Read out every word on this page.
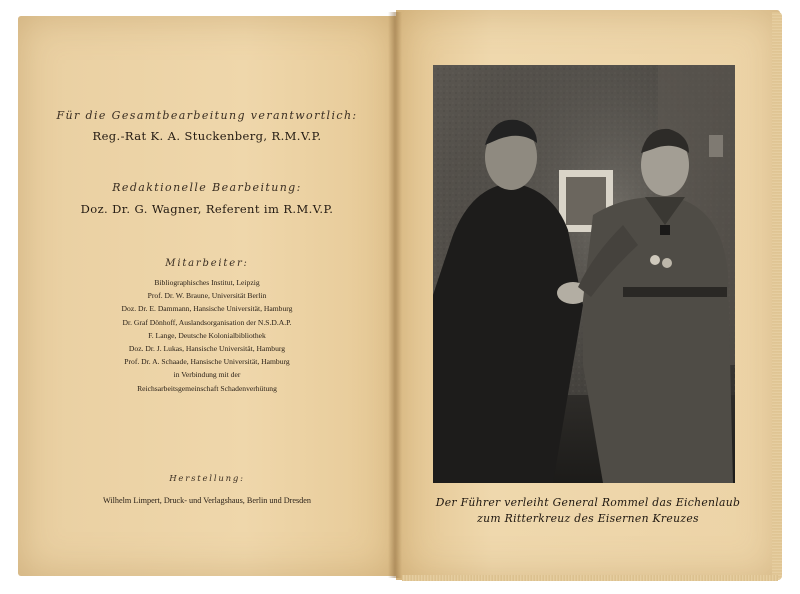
Für die Gesamtbearbeitung verantwortlich:
Reg.-Rat K. A. Stuckenberg, R.M.V.P.
Redaktionelle Bearbeitung:
Doz. Dr. G. Wagner, Referent im R.M.V.P.
Mitarbeiter:
Bibliographisches Institut, Leipzig
Prof. Dr. W. Braune, Universität Berlin
Doz. Dr. E. Dammann, Hansische Universität, Hamburg
Dr. Graf Dönhoff, Auslandsorganisation der N.S.D.A.P.
F. Lange, Deutsche Kolonialbibliothek
Doz. Dr. J. Lukas, Hansische Universität, Hamburg
Prof. Dr. A. Schaade, Hansische Universität, Hamburg
in Verbindung mit der
Reichsarbeitsgemeinschaft Schadenverhütung
Herstellung:
Wilhelm Limpert, Druck- und Verlagshaus, Berlin und Dresden	Der Führer verleiht General Rommel das Eichenlaub
zum Ritterkreuz des Eisernen Kreuzes
